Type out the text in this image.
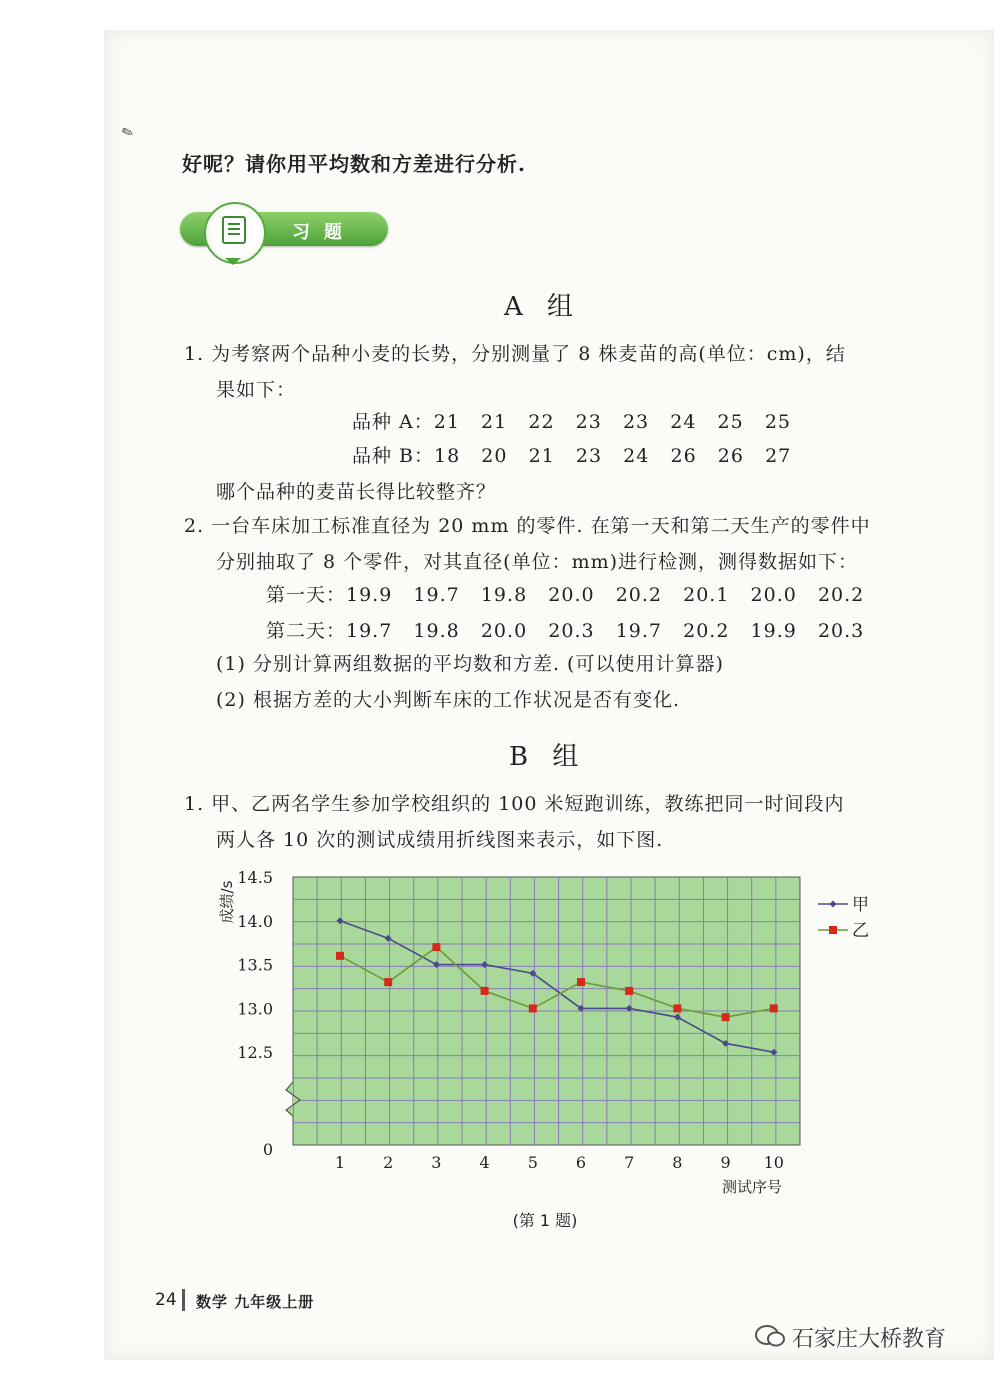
✎
好呢？请你用平均数和方差进行分析.
习题
A 组
1. 为考察两个品种小麦的长势，分别测量了 8 株麦苗的高(单位：cm)，结
果如下：
品种 A：21   21   22   23   23   24   25   25
品种 B：18   20   21   23   24   26   26   27
哪个品种的麦苗长得比较整齐？
2. 一台车床加工标准直径为 20 mm 的零件. 在第一天和第二天生产的零件中
分别抽取了 8 个零件，对其直径(单位：mm)进行检测，测得数据如下：
第一天：19.9   19.7   19.8   20.0   20.2   20.1   20.0   20.2
第二天：19.7   19.8   20.0   20.3   19.7   20.2   19.9   20.3
(1) 分别计算两组数据的平均数和方差. (可以使用计算器)
(2) 根据方差的大小判断车床的工作状况是否有变化.
B 组
1. 甲、乙两名学生参加学校组织的 100 米短跑训练，教练把同一时间段内
两人各 10 次的测试成绩用折线图来表示，如下图.
14.5
14.0
13.5
13.0
12.5
0
1 2 3 4 5 6 7 8 9 10
甲
乙
成绩/s
测试序号
(第 1 题)
24 数学 九年级上册
石家庄大桥教育
